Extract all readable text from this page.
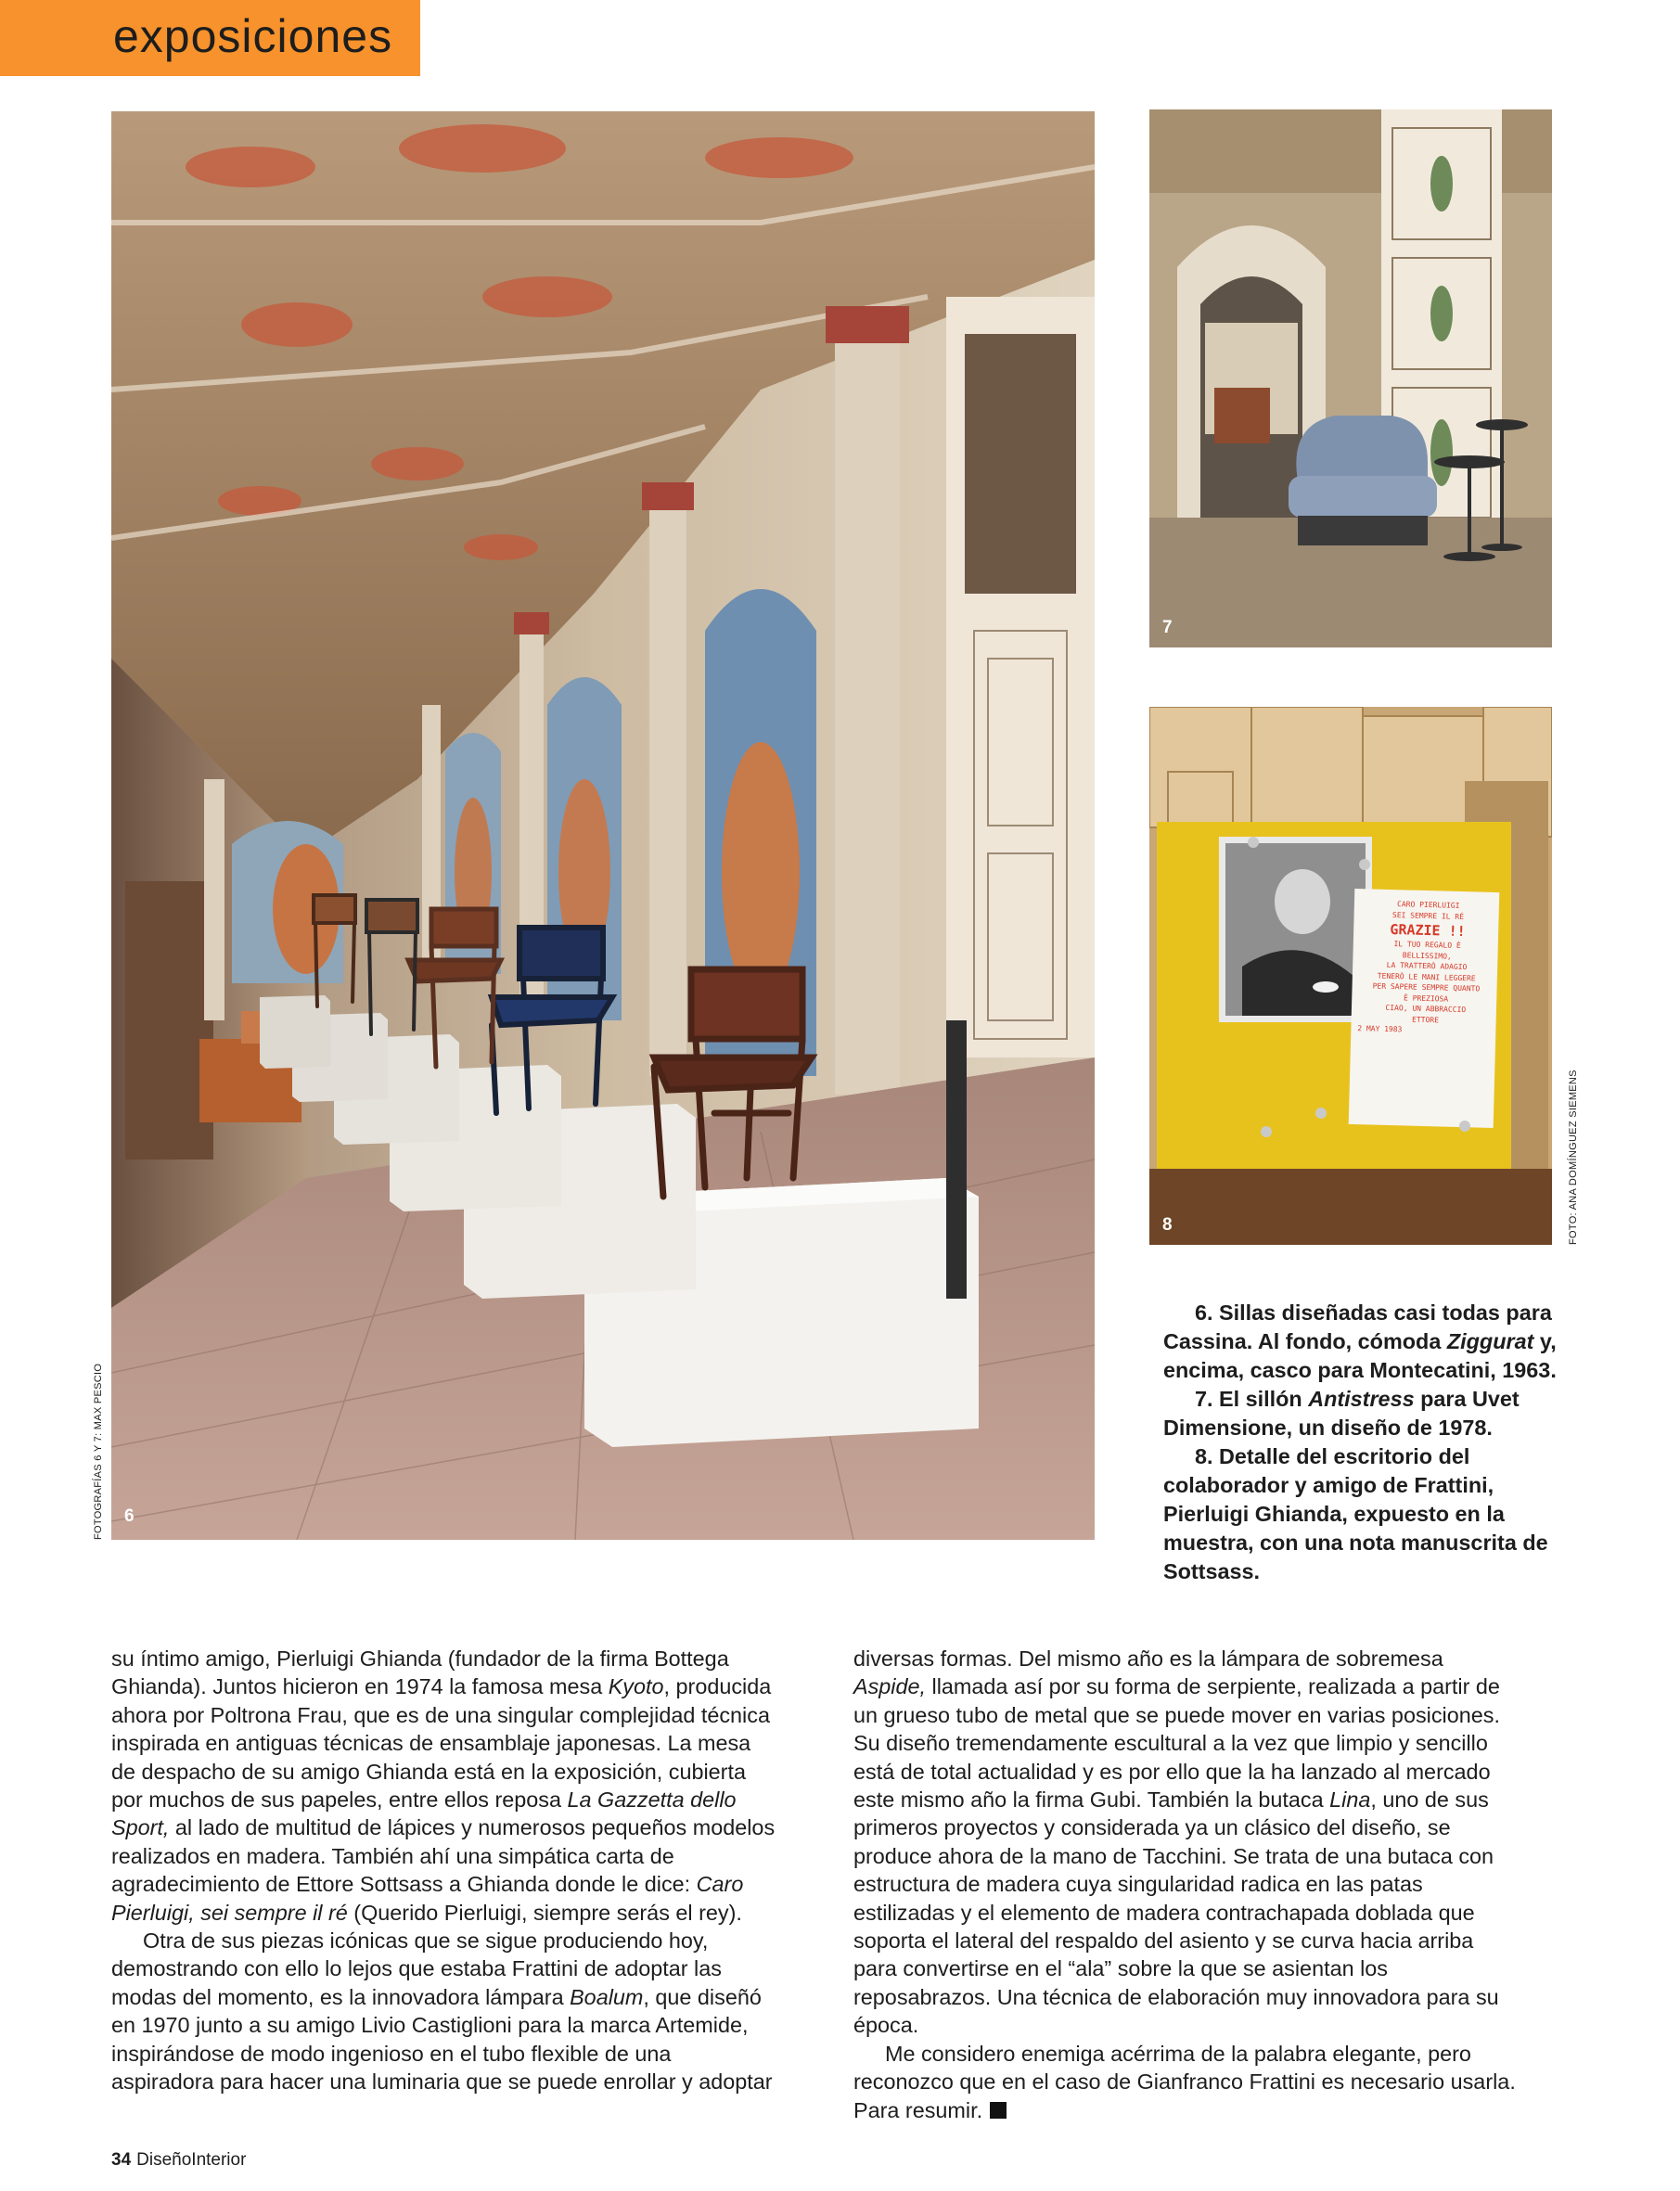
exposiciones
6
FOTOGRAFÍAS 6 Y 7: MAX PESCIO
7
CARO PIERLUIGI
SEI SEMPRE IL RÉ
GRAZIE !!
IL TUO REGALO È
BELLISSIMO,
LA TRATTERÒ ADAGIO
TENERÒ LE MANI LEGGERE
PER SAPERE SEMPRE QUANTO
È PREZIOSA
CIAO, UN ABBRACCIO
ETTORE
2 MAY 1983
8	FOTO: ANA DOMÍNGUEZ SIEMENS

6. Sillas diseñadas casi todas para Cassina. Al fondo, cómoda Ziggurat y, encima, casco para Montecatini, 1963.

7. El sillón Antistress para Uvet Dimensione, un diseño de 1978.

8. Detalle del escritorio del colaborador y amigo de Frattini, Pierluigi Ghianda, expuesto en la muestra, con una nota manuscrita de Sottsass.

su íntimo amigo, Pierluigi Ghianda (fundador de la firma Bottega Ghianda). Juntos hicieron en 1974 la famosa mesa Kyoto, producida ahora por Poltrona Frau, que es de una singular complejidad técnica inspirada en antiguas técnicas de ensamblaje japonesas. La mesa de despacho de su amigo Ghianda está en la exposición, cubierta por muchos de sus papeles, entre ellos reposa La Gazzetta dello Sport, al lado de multitud de lápices y numerosos pequeños modelos realizados en madera. También ahí una simpática carta de agradecimiento de Ettore Sottsass a Ghianda donde le dice: Caro Pierluigi, sei sempre il ré (Querido Pierluigi, siempre serás el rey).

Otra de sus piezas icónicas que se sigue produciendo hoy, demostrando con ello lo lejos que estaba Frattini de adoptar las modas del momento, es la innovadora lámpara Boalum, que diseñó en 1970 junto a su amigo Livio Castiglioni para la marca Artemide, inspirándose de modo ingenioso en el tubo flexible de una aspiradora para hacer una luminaria que se puede enrollar y adoptar

diversas formas. Del mismo año es la lámpara de sobremesa Aspide, llamada así por su forma de serpiente, realizada a partir de un grueso tubo de metal que se puede mover en varias posiciones. Su diseño tremendamente escultural a la vez que limpio y sencillo está de total actualidad y es por ello que la ha lanzado al mercado este mismo año la firma Gubi. También la butaca Lina, uno de sus primeros proyectos y considerada ya un clásico del diseño, se produce ahora de la mano de Tacchini. Se trata de una butaca con estructura de madera cuya singularidad radica en las patas estilizadas y el elemento de madera contrachapada doblada que soporta el lateral del respaldo del asiento y se curva hacia arriba para convertirse en el “ala” sobre la que se asientan los reposabrazos. Una técnica de elaboración muy innovadora para su época.

Me considero enemiga acérrima de la palabra elegante, pero reconozco que en el caso de Gianfranco Frattini es necesario usarla. Para resumir.

34 DiseñoInterior
